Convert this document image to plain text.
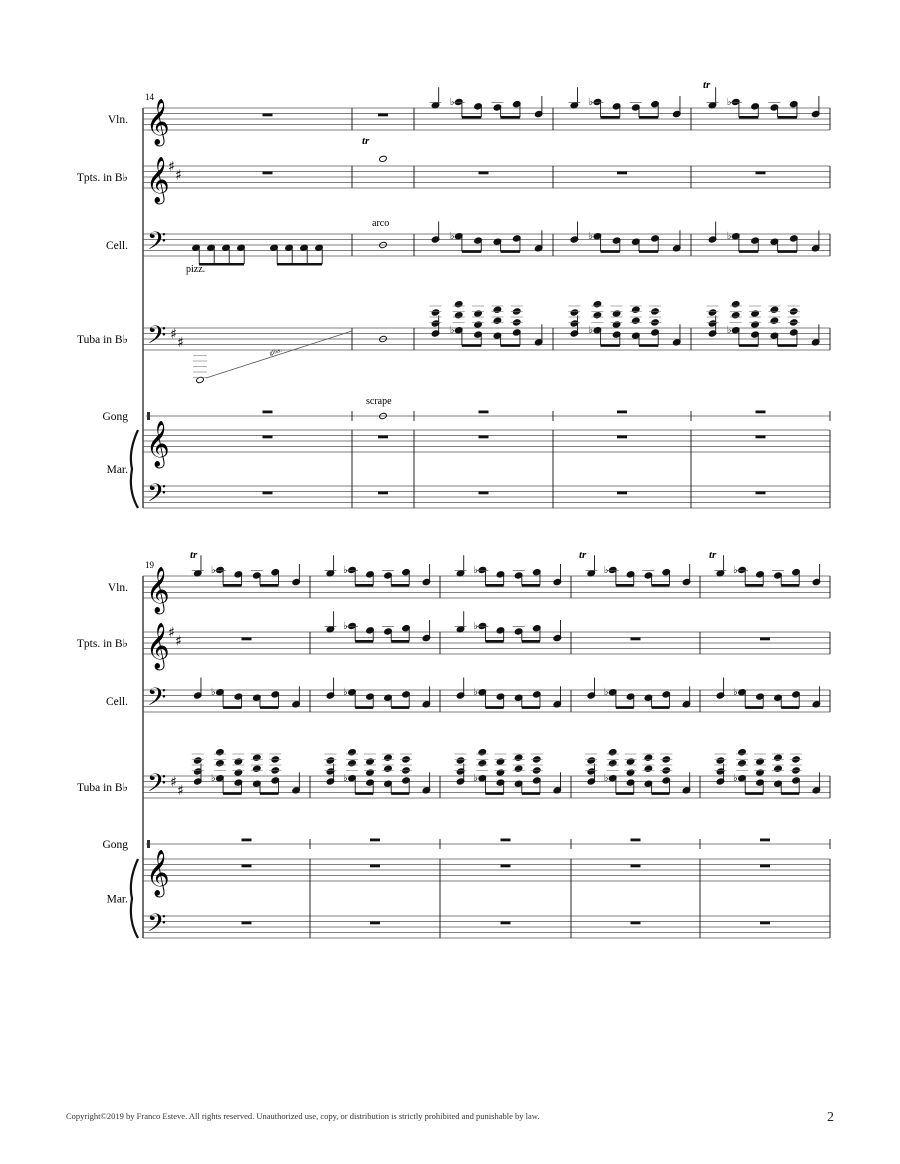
14
Vln.
Tpts. in B♭
Cell.
Tuba in B♭
Gong
Mar.
𝄞
𝄞
♯
♯
𝄢
𝄢 ♯
♯
𝄞
𝄢
♭
♭
♭
♭
♭
♭
♭
♭
♭
pizz.
arco
scrape
gliss.
tr
tr
19
Vln.
Tpts. in B♭
Cell.
Tuba in B♭
Gong
Mar.
𝄞
𝄞
♯
♯
𝄢
𝄢 ♯
♯
𝄞
𝄢
♭
♭
♭
♭
♭
♭
♭
♭
♭
♭
♭
♭
♭
♭
♭
♭
♭
tr	tr	tr
Copyright©2019 by Franco Esteve. All rights reserved. Unauthorized use, copy, or distribution is strictly prohibited and punishable by law.	2
